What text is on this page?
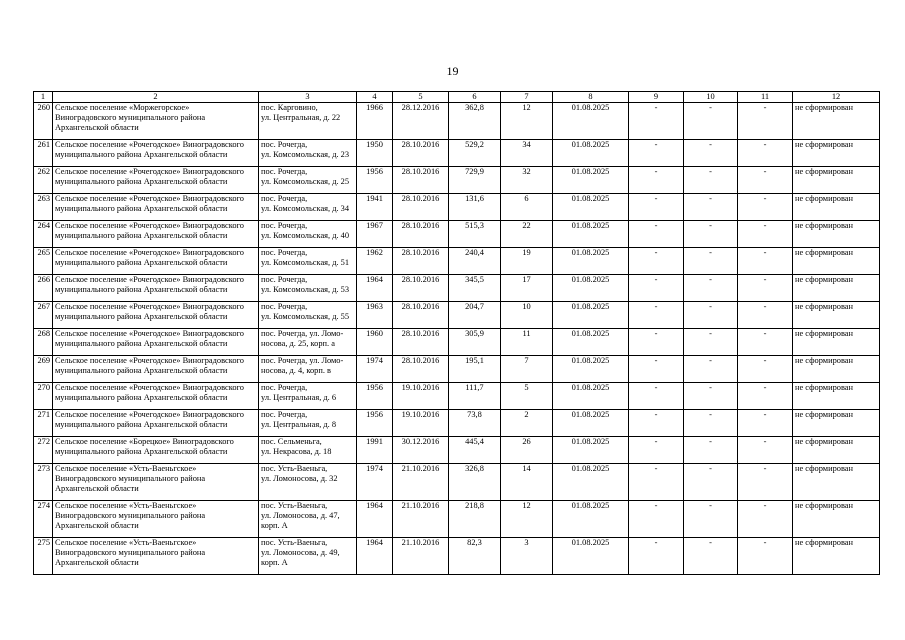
19
1	2	3	4	5	6	7	8	9	10	11	12
260	Сельское поселение «Моржегорское»
Виноградовского муниципального района
Архангельской области	пос. Карговино,
ул. Центральная, д. 22	1966	28.12.2016	362,8	12	01.08.2025	-	-	-	не сформирован
261	Сельское поселение «Рочегодское» Виноградовского
муниципального района Архангельской области	пос. Рочегда,
ул. Комсомольская, д. 23	1950	28.10.2016	529,2	34	01.08.2025	-	-	-	не сформирован
262	Сельское поселение «Рочегодское» Виноградовского
муниципального района Архангельской области	пос. Рочегда,
ул. Комсомольская, д. 25	1956	28.10.2016	729,9	32	01.08.2025	-	-	-	не сформирован
263	Сельское поселение «Рочегодское» Виноградовского
муниципального района Архангельской области	пос. Рочегда,
ул. Комсомольская, д. 34	1941	28.10.2016	131,6	6	01.08.2025	-	-	-	не сформирован
264	Сельское поселение «Рочегодское» Виноградовского
муниципального района Архангельской области	пос. Рочегда,
ул. Комсомольская, д. 40	1967	28.10.2016	515,3	22	01.08.2025	-	-	-	не сформирован
265	Сельское поселение «Рочегодское» Виноградовского
муниципального района Архангельской области	пос. Рочегда,
ул. Комсомольская, д. 51	1962	28.10.2016	240,4	19	01.08.2025	-	-	-	не сформирован
266	Сельское поселение «Рочегодское» Виноградовского
муниципального района Архангельской области	пос. Рочегда,
ул. Комсомольская, д. 53	1964	28.10.2016	345,5	17	01.08.2025	-	-	-	не сформирован
267	Сельское поселение «Рочегодское» Виноградовского
муниципального района Архангельской области	пос. Рочегда,
ул. Комсомольская, д. 55	1963	28.10.2016	204,7	10	01.08.2025	-	-	-	не сформирован
268	Сельское поселение «Рочегодское» Виноградовского
муниципального района Архангельской области	пос. Рочегда, ул. Ломо-
носова, д. 25, корп. а	1960	28.10.2016	305,9	11	01.08.2025	-	-	-	не сформирован
269	Сельское поселение «Рочегодское» Виноградовского
муниципального района Архангельской области	пос. Рочегда, ул. Ломо-
носова, д. 4, корп. в	1974	28.10.2016	195,1	7	01.08.2025	-	-	-	не сформирован
270	Сельское поселение «Рочегодское» Виноградовского
муниципального района Архангельской области	пос. Рочегда,
ул. Центральная, д. 6	1956	19.10.2016	111,7	5	01.08.2025	-	-	-	не сформирован
271	Сельское поселение «Рочегодское» Виноградовского
муниципального района Архангельской области	пос. Рочегда,
ул. Центральная, д. 8	1956	19.10.2016	73,8	2	01.08.2025	-	-	-	не сформирован
272	Сельское поселение «Борецкое» Виноградовского
муниципального района Архангельской области	пос. Сельменьга,
ул. Некрасова, д. 18	1991	30.12.2016	445,4	26	01.08.2025	-	-	-	не сформирован
273	Сельское поселение «Усть-Ваеньгское»
Виноградовского муниципального района
Архангельской области	пос. Усть-Ваеньга,
ул. Ломоносова, д. 32	1974	21.10.2016	326,8	14	01.08.2025	-	-	-	не сформирован
274	Сельское поселение «Усть-Ваеньгское»
Виноградовского муниципального района
Архангельской области	пос. Усть-Ваеньга,
ул. Ломоносова, д. 47,
корп. А	1964	21.10.2016	218,8	12	01.08.2025	-	-	-	не сформирован
275	Сельское поселение «Усть-Ваеньгское»
Виноградовского муниципального района
Архангельской области	пос. Усть-Ваеньга,
ул. Ломоносова, д. 49,
корп. А	1964	21.10.2016	82,3	3	01.08.2025	-	-	-	не сформирован
